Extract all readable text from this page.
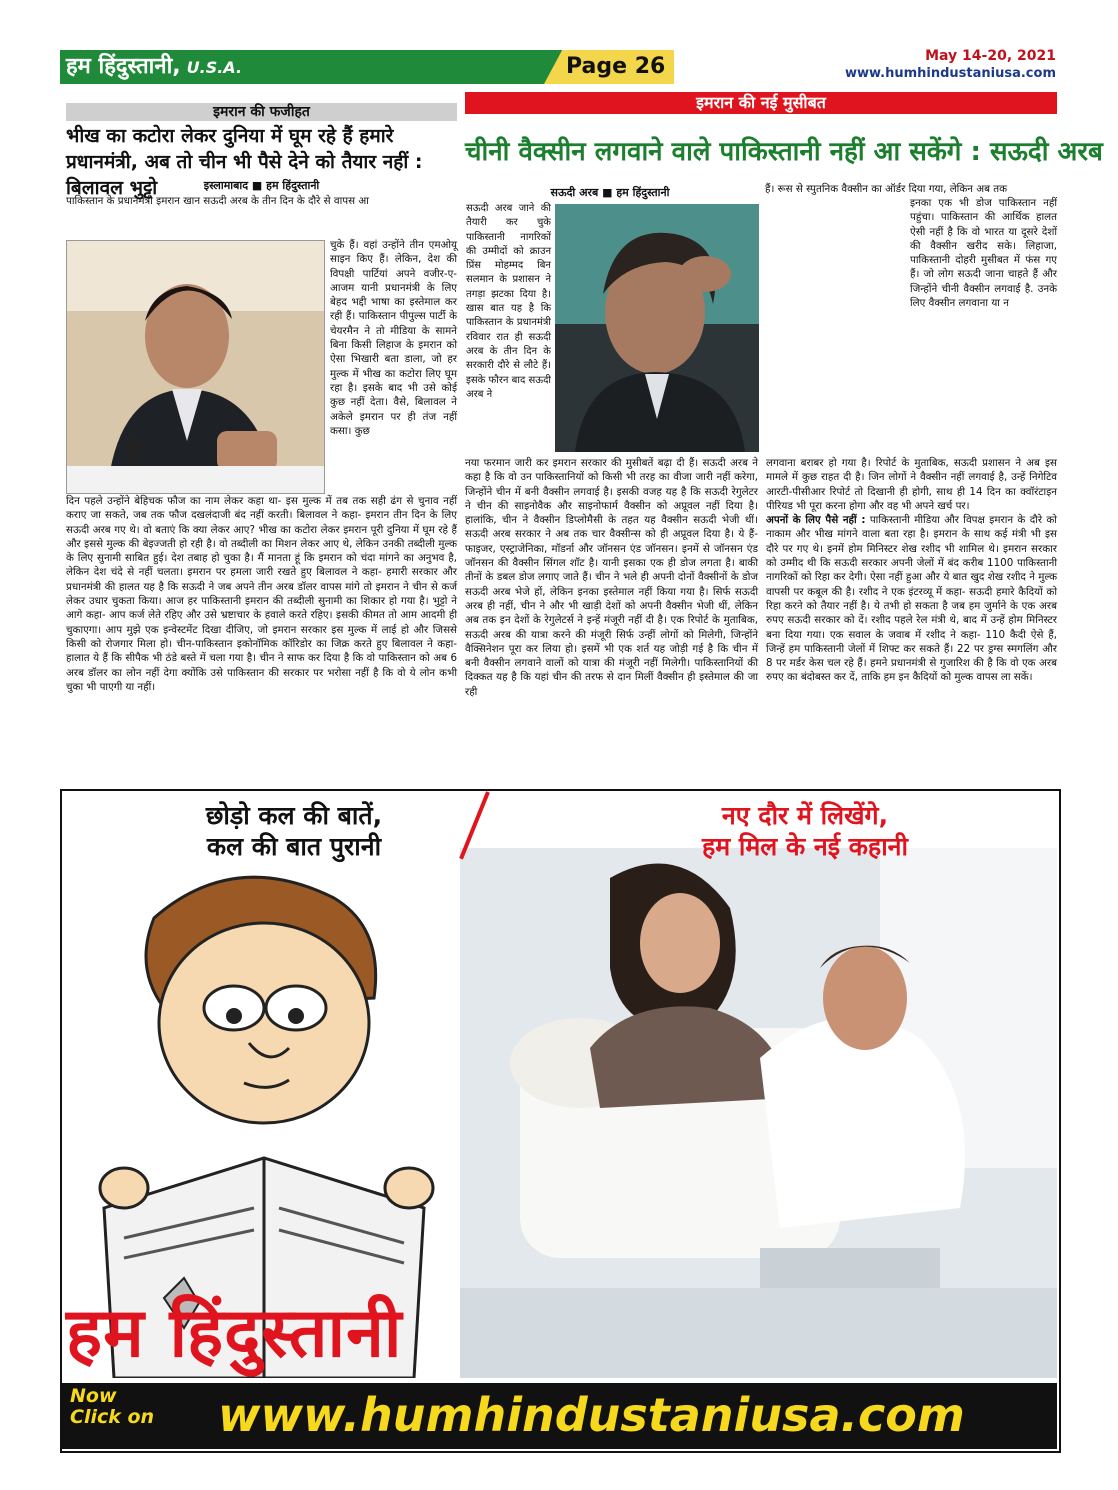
हम हिंदुस्तानी, U.S.A.	Page 26	May 14-20, 2021
www.humhindustaniusa.com
इमरान की फजीहत
भीख का कटोरा लेकर दुनिया में घूम रहे हैं हमारे प्रधानमंत्री, अब तो चीन भी पैसे देने को तैयार नहीं : बिलावल भुट्टो	इस्लामाबाद ■ हम हिंदुस्तानी

पाकिस्तान के प्रधानमंत्री इमरान खान सऊदी अरब के तीन दिन के दौरे से वापस आ

चुके हैं। वहां उन्होंने तीन एमओयू साइन किए हैं। लेकिन, देश की विपक्षी पार्टियां अपने वजीर-ए-आजम यानी प्रधानमंत्री के लिए बेहद भद्दी भाषा का इस्तेमाल कर रही हैं। पाकिस्तान पीपुल्स पार्टी के चेयरमैन ने तो मीडिया के सामने बिना किसी लिहाज के इमरान को ऐसा भिखारी बता डाला, जो हर मुल्क में भीख का कटोरा लिए घूम रहा है। इसके बाद भी उसे कोई कुछ नहीं देता। वैसे, बिलावल ने अकेले इमरान पर ही तंज नहीं कसा। कुछ

दिन पहले उन्होंने बेहिचक फौज का नाम लेकर कहा था- इस मुल्क में तब तक सही ढंग से चुनाव नहीं कराए जा सकते, जब तक फौज दखलंदाजी बंद नहीं करती। बिलावल ने कहा- इमरान तीन दिन के लिए सऊदी अरब गए थे। वो बताएं कि क्या लेकर आए? भीख का कटोरा लेकर इमरान पूरी दुनिया में घूम रहे हैं और इससे मुल्क की बेइज्जती हो रही है। वो तब्दीली का मिशन लेकर आए थे, लेकिन उनकी तब्दीली मुल्क के लिए सुनामी साबित हुई। देश तबाह हो चुका है। मैं मानता हूं कि इमरान को चंदा मांगने का अनुभव है, लेकिन देश चंदे से नहीं चलता। इमरान पर हमला जारी रखते हुए बिलावल ने कहा- हमारी सरकार और प्रधानमंत्री की हालत यह है कि सऊदी ने जब अपने तीन अरब डॉलर वापस मांगे तो इमरान ने चीन से कर्ज लेकर उधार चुकता किया। आज हर पाकिस्तानी इमरान की तब्दीली सुनामी का शिकार हो गया है। भुट्टो ने आगे कहा- आप कर्ज लेते रहिए और उसे भ्रष्टाचार के हवाले करते रहिए। इसकी कीमत तो आम आदमी ही चुकाएगा। आप मुझे एक इन्वेस्टमेंट दिखा दीजिए, जो इमरान सरकार इस मुल्क में लाई हो और जिससे किसी को रोजगार मिला हो। चीन-पाकिस्तान इकोनॉमिक कॉरिडोर का जिक्र करते हुए बिलावल ने कहा- हालात ये हैं कि सीपैक भी ठंडे बस्ते में चला गया है। चीन ने साफ कर दिया है कि वो पाकिस्तान को अब 6 अरब डॉलर का लोन नहीं देगा क्योंकि उसे पाकिस्तान की सरकार पर भरोसा नहीं है कि वो ये लोन कभी चुका भी पाएगी या नहीं।

इमरान की नई मुसीबत
चीनी वैक्सीन लगवाने वाले पाकिस्तानी नहीं आ सकेंगे : सऊदी अरब
सऊदी अरब ■ हम हिंदुस्तानी

सऊदी अरब जाने की तैयारी कर चुके पाकिस्तानी नागरिकों की उम्मीदों को क्राउन प्रिंस मोहम्मद बिन सलमान के प्रशासन ने तगड़ा झटका दिया है। खास बात यह है कि पाकिस्तान के प्रधानमंत्री रविवार रात ही सऊदी अरब के तीन दिन के सरकारी दौरे से लौटे हैं। इसके फौरन बाद सऊदी अरब ने

हैं। रूस से स्पुतनिक वैक्सीन का ऑर्डर दिया गया, लेकिन अब तक

इनका एक भी डोज पाकिस्तान नहीं पहुंचा। पाकिस्तान की आर्थिक हालत ऐसी नहीं है कि वो भारत या दूसरे देशों की वैक्सीन खरीद सके। लिहाजा, पाकिस्तानी दोहरी मुसीबत में फंस गए हैं। जो लोग सऊदी जाना चाहते हैं और जिन्होंने चीनी वैक्सीन लगवाई है. उनके लिए वैक्सीन लगवाना या न

नया फरमान जारी कर इमरान सरकार की मुसीबतें बढ़ा दी हैं। सऊदी अरब ने कहा है कि वो उन पाकिस्तानियों को किसी भी तरह का वीजा जारी नहीं करेगा, जिन्होंने चीन में बनी वैक्सीन लगवाई है। इसकी वजह यह है कि सऊदी रेगुलेटर ने चीन की साइनोवैक और साइनोफार्म वैक्सीन को अप्रूवल नहीं दिया है। हालांकि, चीन ने वैक्सीन डिप्लोमैसी के तहत यह वैक्सीन सऊदी भेजी थीं। सऊदी अरब सरकार ने अब तक चार वैक्सीन्स को ही अप्रूवल दिया है। ये हैं- फाइजर, एस्ट्राजेनिका, मॉडर्ना और जॉनसन एंड जॉनसन। इनमें से जॉनसन एंड जॉनसन की वैक्सीन सिंगल शॉट है। यानी इसका एक ही डोज लगता है। बाकी तीनों के डबल डोज लगाए जाते हैं। चीन ने भले ही अपनी दोनों वैक्सीनों के डोज सऊदी अरब भेजे हों, लेकिन इनका इस्तेमाल नहीं किया गया है। सिर्फ सऊदी अरब ही नहीं, चीन ने और भी खाड़ी देशों को अपनी वैक्सीन भेजी थीं, लेकिन अब तक इन देशों के रेगुलेटर्स ने इन्हें मंजूरी नहीं दी है। एक रिपोर्ट के मुताबिक, सऊदी अरब की यात्रा करने की मंजूरी सिर्फ उन्हीं लोगों को मिलेगी, जिन्होंने वैक्सिनेशन पूरा कर लिया हो। इसमें भी एक शर्त यह जोड़ी गई है कि चीन में बनी वैक्सीन लगवाने वालों को यात्रा की मंजूरी नहीं मिलेगी। पाकिस्तानियों की दिक्कत यह है कि यहां चीन की तरफ से दान मिलीं वैक्सीन ही इस्तेमाल की जा रही

लगवाना बराबर हो गया है। रिपोर्ट के मुताबिक, सऊदी प्रशासन ने अब इस मामले में कुछ राहत दी है। जिन लोगों ने वैक्सीन नहीं लगवाई है, उन्हें निगेटिव आरटी-पीसीआर रिपोर्ट तो दिखानी ही होगी, साथ ही 14 दिन का क्वॉरंटाइन पीरियड भी पूरा करना होगा और वह भी अपने खर्च पर।

अपनों के लिए पैसे नहीं : पाकिस्तानी मीडिया और विपक्ष इमरान के दौरे को नाकाम और भीख मांगने वाला बता रहा है। इमरान के साथ कई मंत्री भी इस दौरे पर गए थे। इनमें होम मिनिस्टर शेख रशीद भी शामिल थे। इमरान सरकार को उम्मीद थी कि सऊदी सरकार अपनी जेलों में बंद करीब 1100 पाकिस्तानी नागरिकों को रिहा कर देगी। ऐसा नहीं हुआ और ये बात खुद शेख रशीद ने मुल्क वापसी पर कबूल की है। रशीद ने एक इंटरव्यू में कहा- सऊदी हमारे कैदियों को रिहा करने को तैयार नहीं है। ये तभी हो सकता है जब हम जुर्माने के एक अरब रुपए सऊदी सरकार को दें। रशीद पहले रेल मंत्री थे, बाद में उन्हें होम मिनिस्टर बना दिया गया। एक सवाल के जवाब में रशीद ने कहा- 110 कैदी ऐसे हैं, जिन्हें हम पाकिस्तानी जेलों में शिफ्ट कर सकते हैं। 22 पर ड्रग्स स्मगलिंग और 8 पर मर्डर केस चल रहे हैं। हमने प्रधानमंत्री से गुजारिश की है कि वो एक अरब रुपए का बंदोबस्त कर दें, ताकि हम इन कैदियों को मुल्क वापस ला सकें।

छोड़ो कल की बातें,
कल की बात पुरानी
नए दौर में लिखेंगे,
हम मिल के नई कहानी
हम हिंदुस्तानी
Now
Click on www.humhindustaniusa.com
